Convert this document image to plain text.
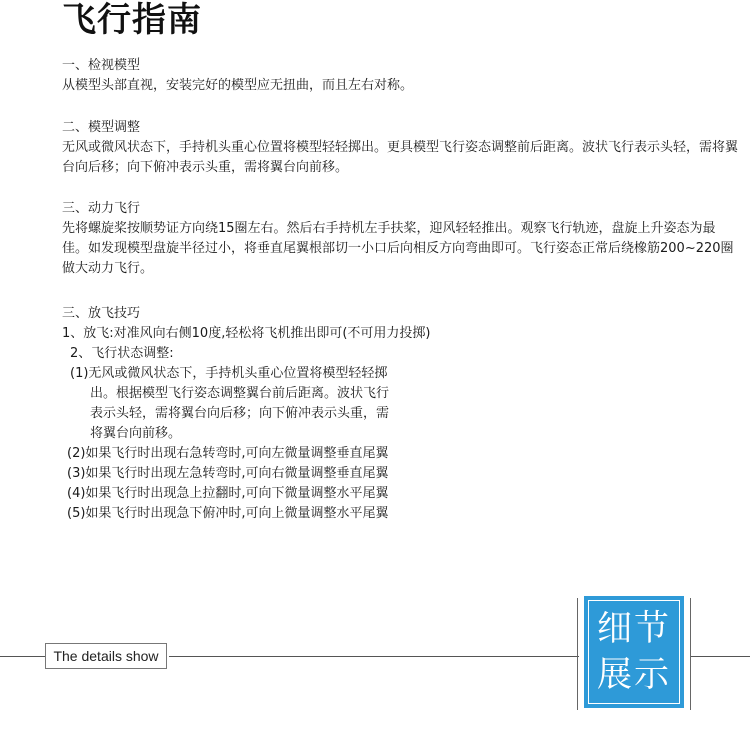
飞行指南

一、检视模型

从模型头部直视，安装完好的模型应无扭曲，而且左右对称。

二、模型调整

无风或微风状态下，手持机头重心位置将模型轻轻掷出。更具模型飞行姿态调整前后距离。波状飞行表示头轻，需将翼台向后移；向下俯冲表示头重，需将翼台向前移。

三、动力飞行

先将螺旋桨按顺势证方向绕15圈左右。然后右手持机左手扶桨，迎风轻轻推出。观察飞行轨迹，盘旋上升姿态为最佳。如发现模型盘旋半径过小，将垂直尾翼根部切一小口后向相反方向弯曲即可。飞行姿态正常后绕橡筋200~220圈做大动力飞行。

三、放飞技巧

1、放飞:对准风向右侧10度,轻松将飞机推出即可(不可用力投掷)

2、飞行状态调整:

(1)无风或微风状态下，手持机头重心位置将模型轻轻掷
出。根据模型飞行姿态调整翼台前后距离。波状飞行
表示头轻，需将翼台向后移；向下俯冲表示头重，需
将翼台向前移。
(2)如果飞行时出现右急转弯时,可向左微量调整垂直尾翼
(3)如果飞行时出现左急转弯时,可向右微量调整垂直尾翼
(4)如果飞行时出现急上拉翻时,可向下微量调整水平尾翼
(5)如果飞行时出现急下俯冲时,可向上微量调整水平尾翼
The details show
细节
展示
